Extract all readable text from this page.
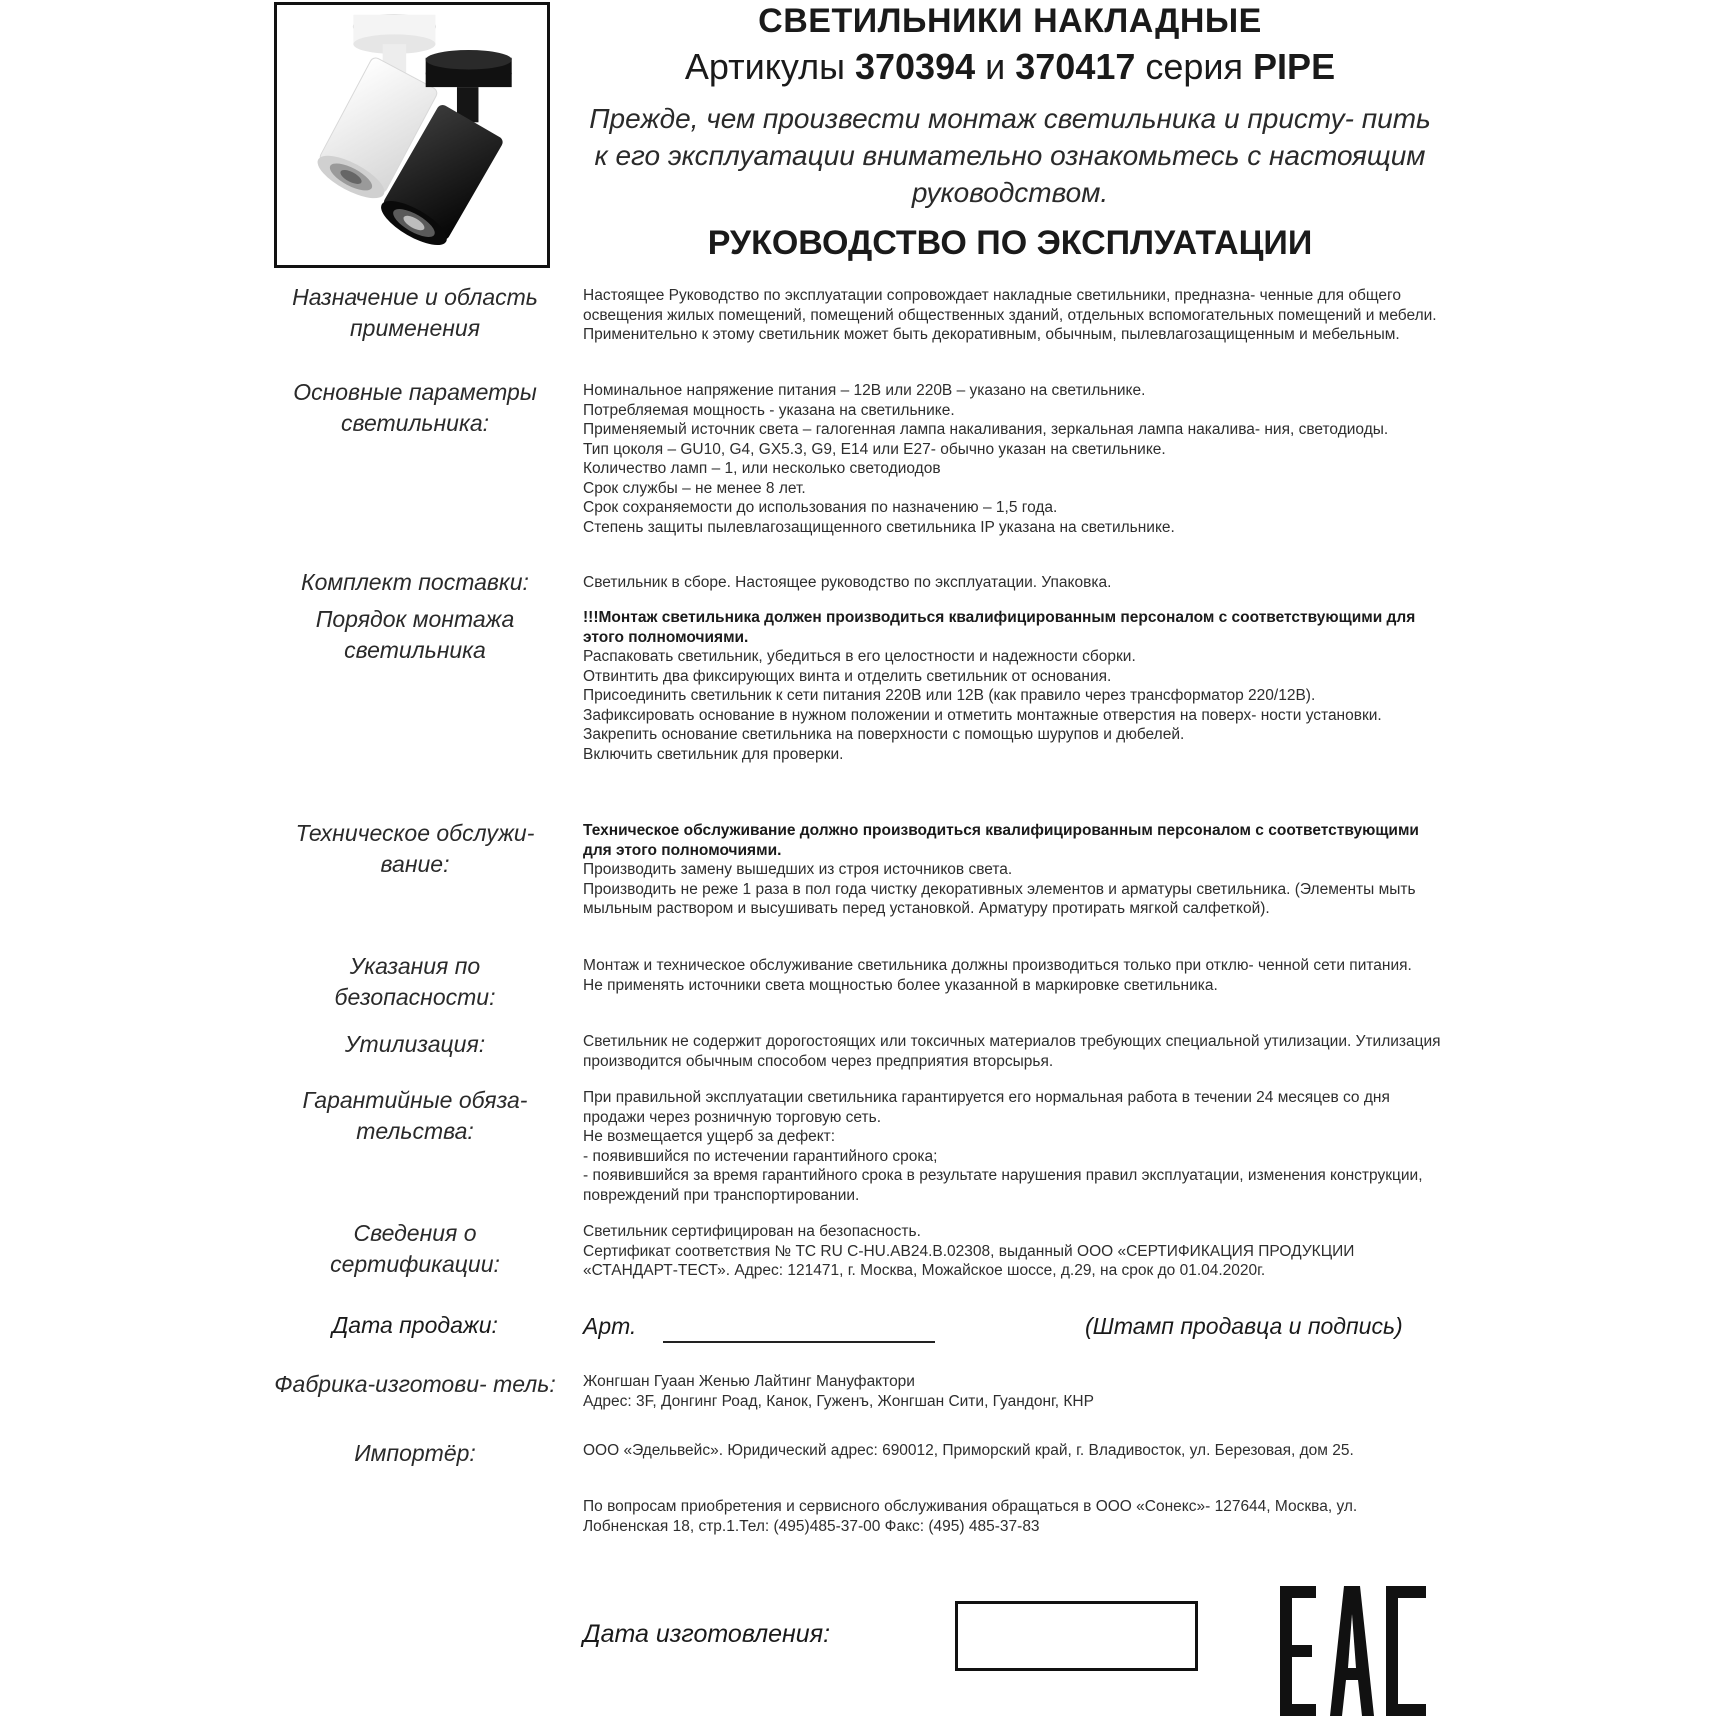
СВЕТИЛЬНИКИ НАКЛАДНЫЕ
Артикулы 370394 и 370417 серия PIPE
Прежде, чем произвести монтаж светильника и присту- пить к его эксплуатации внимательно ознакомьтесь с настоящим руководством.
РУКОВОДСТВО ПО ЭКСПЛУАТАЦИИ
Назначение и область применения
Основные параметры светильника:
Комплект поставки:
Порядок монтажа светильника
Техническое обслужи- вание:
Указания по безопасности:
Утилизация:
Гарантийные обяза- тельства:
Сведения о сертификации:
Фабрика-изготови- тель:
Импортёр:

Настоящее Руководство по эксплуатации сопровождает накладные светильники, предназна- ченные для общего освещения жилых помещений, помещений общественных зданий, отдельных вспомогательных помещений и мебели. Применительно к этому светильник может быть декоративным, обычным, пылевлагозащищенным и мебельным.

Номинальное напряжение питания – 12В или 220В – указано на светильнике.

Потребляемая мощность - указана на светильнике.

Применяемый источник света – галогенная лампа накаливания, зеркальная лампа накалива- ния, светодиоды.

Тип цоколя – GU10, G4, GX5.3, G9, E14 или E27- обычно указан на светильнике.

Количество ламп – 1, или несколько светодиодов

Срок службы – не менее 8 лет.

Срок сохраняемости до использования по назначению – 1,5 года.

Степень защиты пылевлагозащищенного светильника IP указана на светильнике.

Светильник в сборе. Настоящее руководство по эксплуатации. Упаковка.

!!!Монтаж светильника должен производиться квалифицированным персоналом с соответствующими для этого полномочиями.

Распаковать светильник, убедиться в его целостности и надежности сборки.

Отвинтить два фиксирующих винта и отделить светильник от основания.

Присоединить светильник к сети питания 220В или 12В (как правило через трансформатор 220/12В).

Зафиксировать основание в нужном положении и отметить монтажные отверстия на поверх- ности установки. Закрепить основание светильника на поверхности с помощью шурупов и дюбелей.

Включить светильник для проверки.

Техническое обслуживание должно производиться квалифицированным персоналом с соответствующими для этого полномочиями.

Производить замену вышедших из строя источников света.

Производить не реже 1 раза в пол года чистку декоративных элементов и арматуры светильника. (Элементы мыть мыльным раствором и высушивать перед установкой. Арматуру протирать мягкой салфеткой).

Монтаж и техническое обслуживание светильника должны производиться только при отклю- ченной сети питания.

Не применять источники света мощностью более указанной в маркировке светильника.

Светильник не содержит дорогостоящих или токсичных материалов требующих специальной утилизации. Утилизация производится обычным способом через предприятия вторсырья.

При правильной эксплуатации светильника гарантируется его нормальная работа в течении 24 месяцев со дня продажи через розничную торговую сеть.

Не возмещается ущерб за дефект:

- появившийся по истечении гарантийного срока;

- появившийся за время гарантийного срока в результате нарушения правил эксплуатации, изменения конструкции, повреждений при транспортировании.

Светильник сертифицирован на безопасность.

Сертификат соответствия № ТС RU C-HU.АВ24.В.02308, выданный ООО «СЕРТИФИКАЦИЯ ПРОДУКЦИИ «СТАНДАРТ-ТЕСТ». Адрес: 121471, г. Москва, Можайское шоссе, д.29, на срок до 01.04.2020г.

Дата продажи:	Арт.	(Штамп продавца и подпись)

Жонгшан Гуаан Женью Лайтинг Мануфактори

Адрес: 3F, Донгинг Роад, Канок, Гуженъ, Жонгшан Сити, Гуандонг, КНР

ООО «Эдельвейс». Юридический адрес: 690012, Приморский край, г. Владивосток, ул. Березовая, дом 25.

По вопросам приобретения и сервисного обслуживания обращаться в ООО «Сонекс»- 127644, Москва, ул. Лобненская 18, стр.1.Тел: (495)485-37-00 Факс: (495) 485-37-83

Дата изготовления:
